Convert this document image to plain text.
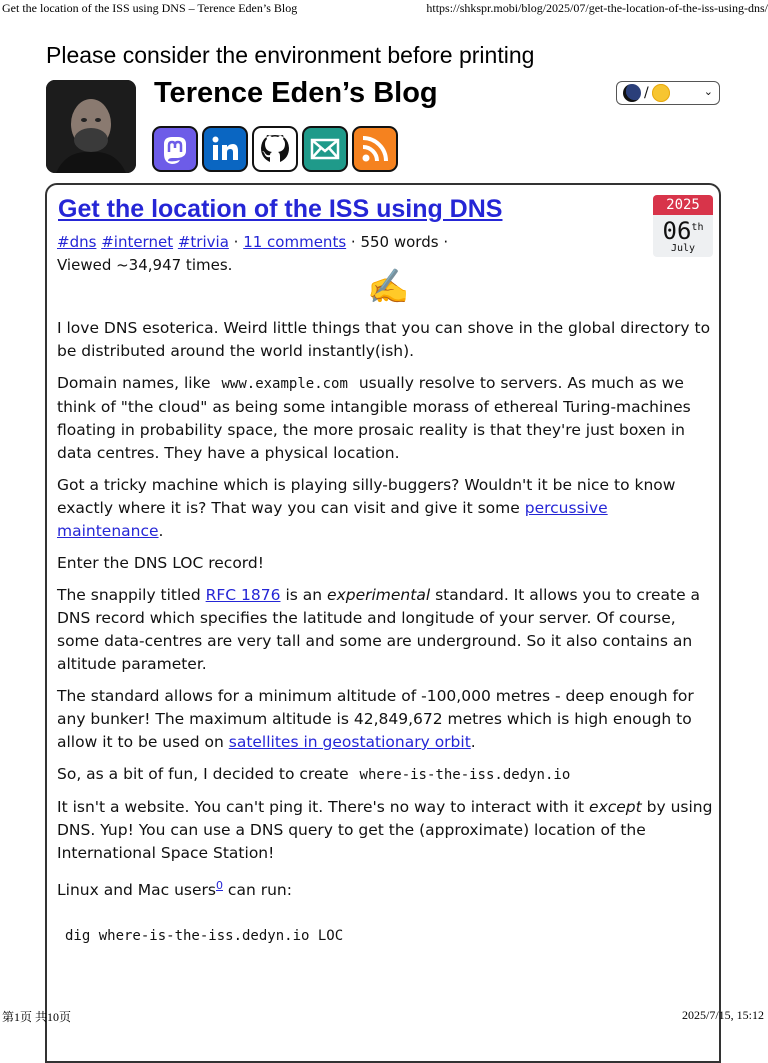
Get the location of the ISS using DNS – Terence Eden’s Blog	https://shkspr.mobi/blog/2025/07/get-the-location-of-the-iss-using-dns/
Please consider the environment before printing
Terence Eden’s Blog	/	⌄
Get the location of the ISS using DNS	2025
06th
July
#dns #internet #trivia · 11 comments · 550 words ·
Viewed ~34,947 times.
✍️

I love DNS esoterica. Weird little things that you can shove in the global directory to be distributed around the world instantly(ish).

Domain names, like www.example.com usually resolve to servers. As much as we think of "the cloud" as being some intangible morass of ethereal Turing-machines floating in probability space, the more prosaic reality is that they're just boxen in data centres. They have a physical location.

Got a tricky machine which is playing silly-buggers? Wouldn't it be nice to know exactly where it is? That way you can visit and give it some percussive maintenance.

Enter the DNS LOC record!

The snappily titled RFC 1876 is an experimental standard. It allows you to create a DNS record which specifies the latitude and longitude of your server. Of course, some data-centres are very tall and some are underground. So it also contains an altitude parameter.

The standard allows for a minimum altitude of -100,000 metres - deep enough for any bunker! The maximum altitude is 42,849,672 metres which is high enough to allow it to be used on satellites in geostationary orbit.

So, as a bit of fun, I decided to create where-is-the-iss.dedyn.io

It isn't a website. You can't ping it. There's no way to interact with it except by using DNS. Yup! You can use a DNS query to get the (approximate) location of the International Space Station!

Linux and Mac users$^0$ can run:

dig where-is-the-iss.dedyn.io LOC
第1页 共10页	2025/7/15, 15:12
